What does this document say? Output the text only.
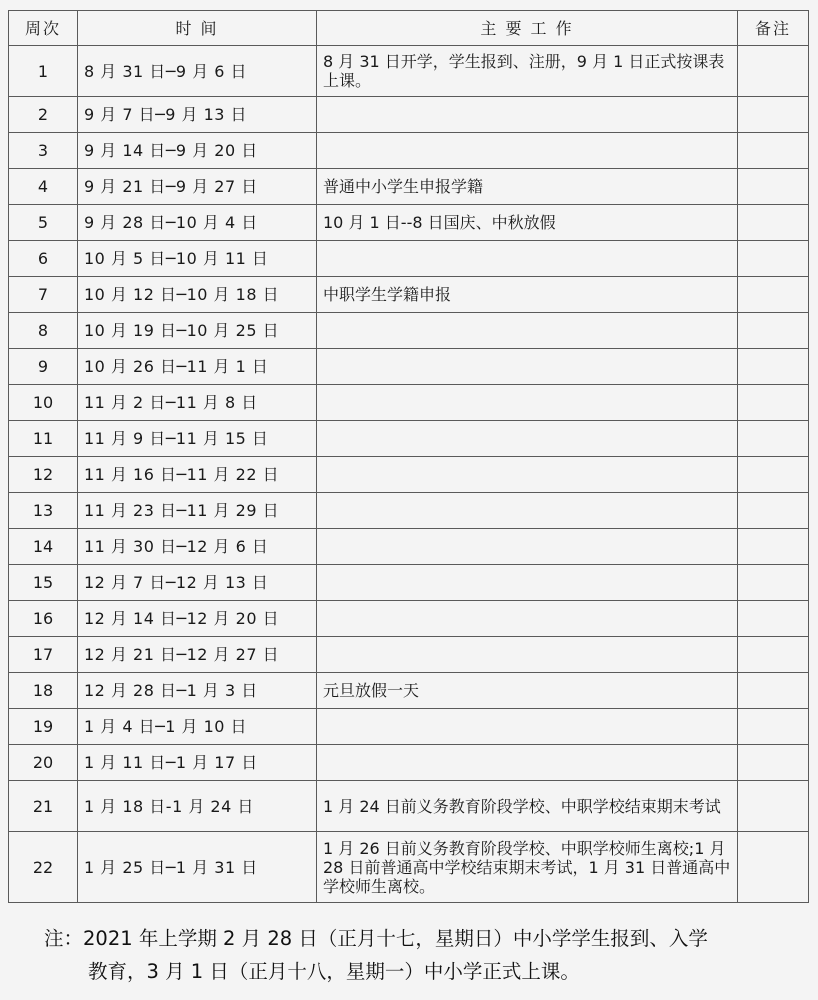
周次	时 间	主 要 工 作	备注
1	8 月 31 日─9 月 6 日	8 月 31 日开学，学生报到、注册，9 月 1 日正式按课表上课。	
2	9 月 7 日─9 月 13 日		
3	9 月 14 日─9 月 20 日		
4	9 月 21 日─9 月 27 日	普通中小学生申报学籍	
5	9 月 28 日─10 月 4 日	10 月 1 日--8 日国庆、中秋放假	
6	10 月 5 日─10 月 11 日		
7	10 月 12 日─10 月 18 日	中职学生学籍申报	
8	10 月 19 日─10 月 25 日		
9	10 月 26 日─11 月 1 日		
10	11 月 2 日─11 月 8 日		
11	11 月 9 日─11 月 15 日		
12	11 月 16 日─11 月 22 日		
13	11 月 23 日─11 月 29 日		
14	11 月 30 日─12 月 6 日		
15	12 月 7 日─12 月 13 日		
16	12 月 14 日─12 月 20 日		
17	12 月 21 日─12 月 27 日		
18	12 月 28 日─1 月 3 日	元旦放假一天	
19	1 月 4 日─1 月 10 日		
20	1 月 11 日─1 月 17 日		
21	1 月 18 日-1 月 24 日	1 月 24 日前义务教育阶段学校、中职学校结束期末考试	
22	1 月 25 日─1 月 31 日	1 月 26 日前义务教育阶段学校、中职学校师生离校;1 月 28 日前普通高中学校结束期末考试，1 月 31 日普通高中学校师生离校。	
注：2021 年上学期 2 月 28 日（正月十七，星期日）中小学学生报到、入学
教育，3 月 1 日（正月十八，星期一）中小学正式上课。
